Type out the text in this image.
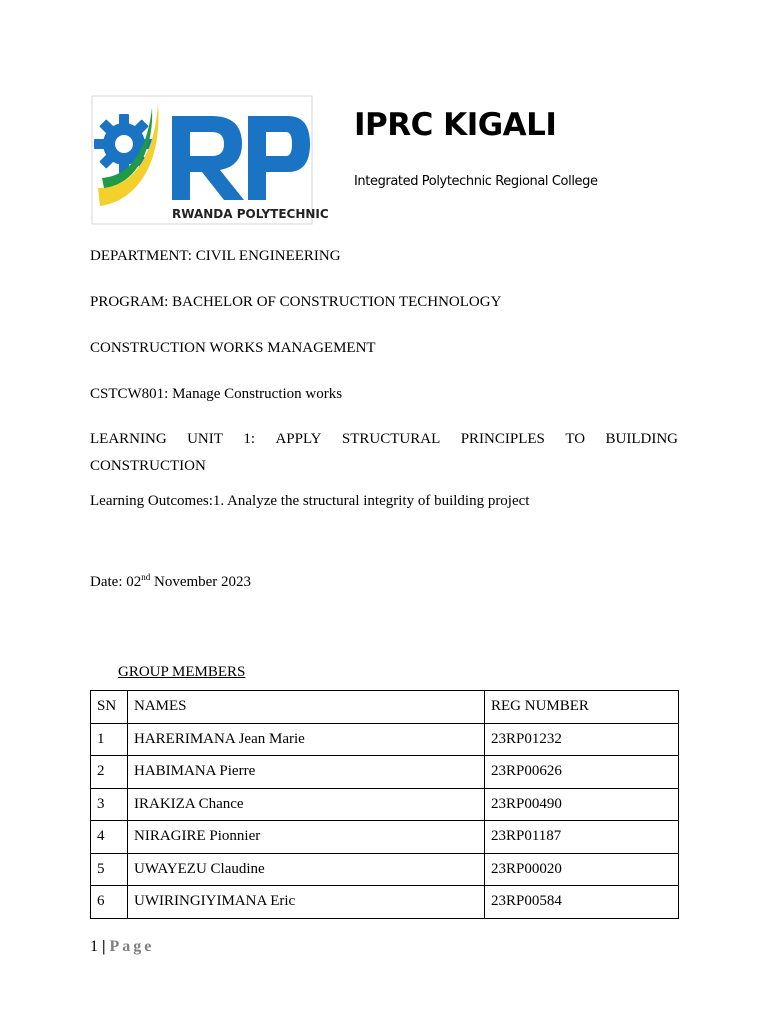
RWANDA POLYTECHNIC
IPRC KIGALI
Integrated Polytechnic Regional College
DEPARTMENT: CIVIL ENGINEERING
PROGRAM: BACHELOR OF CONSTRUCTION TECHNOLOGY
CONSTRUCTION WORKS MANAGEMENT
CSTCW801: Manage Construction works
LEARNING UNIT 1: APPLY STRUCTURAL PRINCIPLES TO BUILDING
CONSTRUCTION
Learning Outcomes:1. Analyze the structural integrity of building project
Date: 02nd November 2023
GROUP MEMBERS
SN	NAMES	REG NUMBER
1	HARERIMANA Jean Marie	23RP01232
2	HABIMANA Pierre	23RP00626
3	IRAKIZA Chance	23RP00490
4	NIRAGIRE Pionnier	23RP01187
5	UWAYEZU Claudine	23RP00020
6	UWIRINGIYIMANA Eric	23RP00584
1 | Page
